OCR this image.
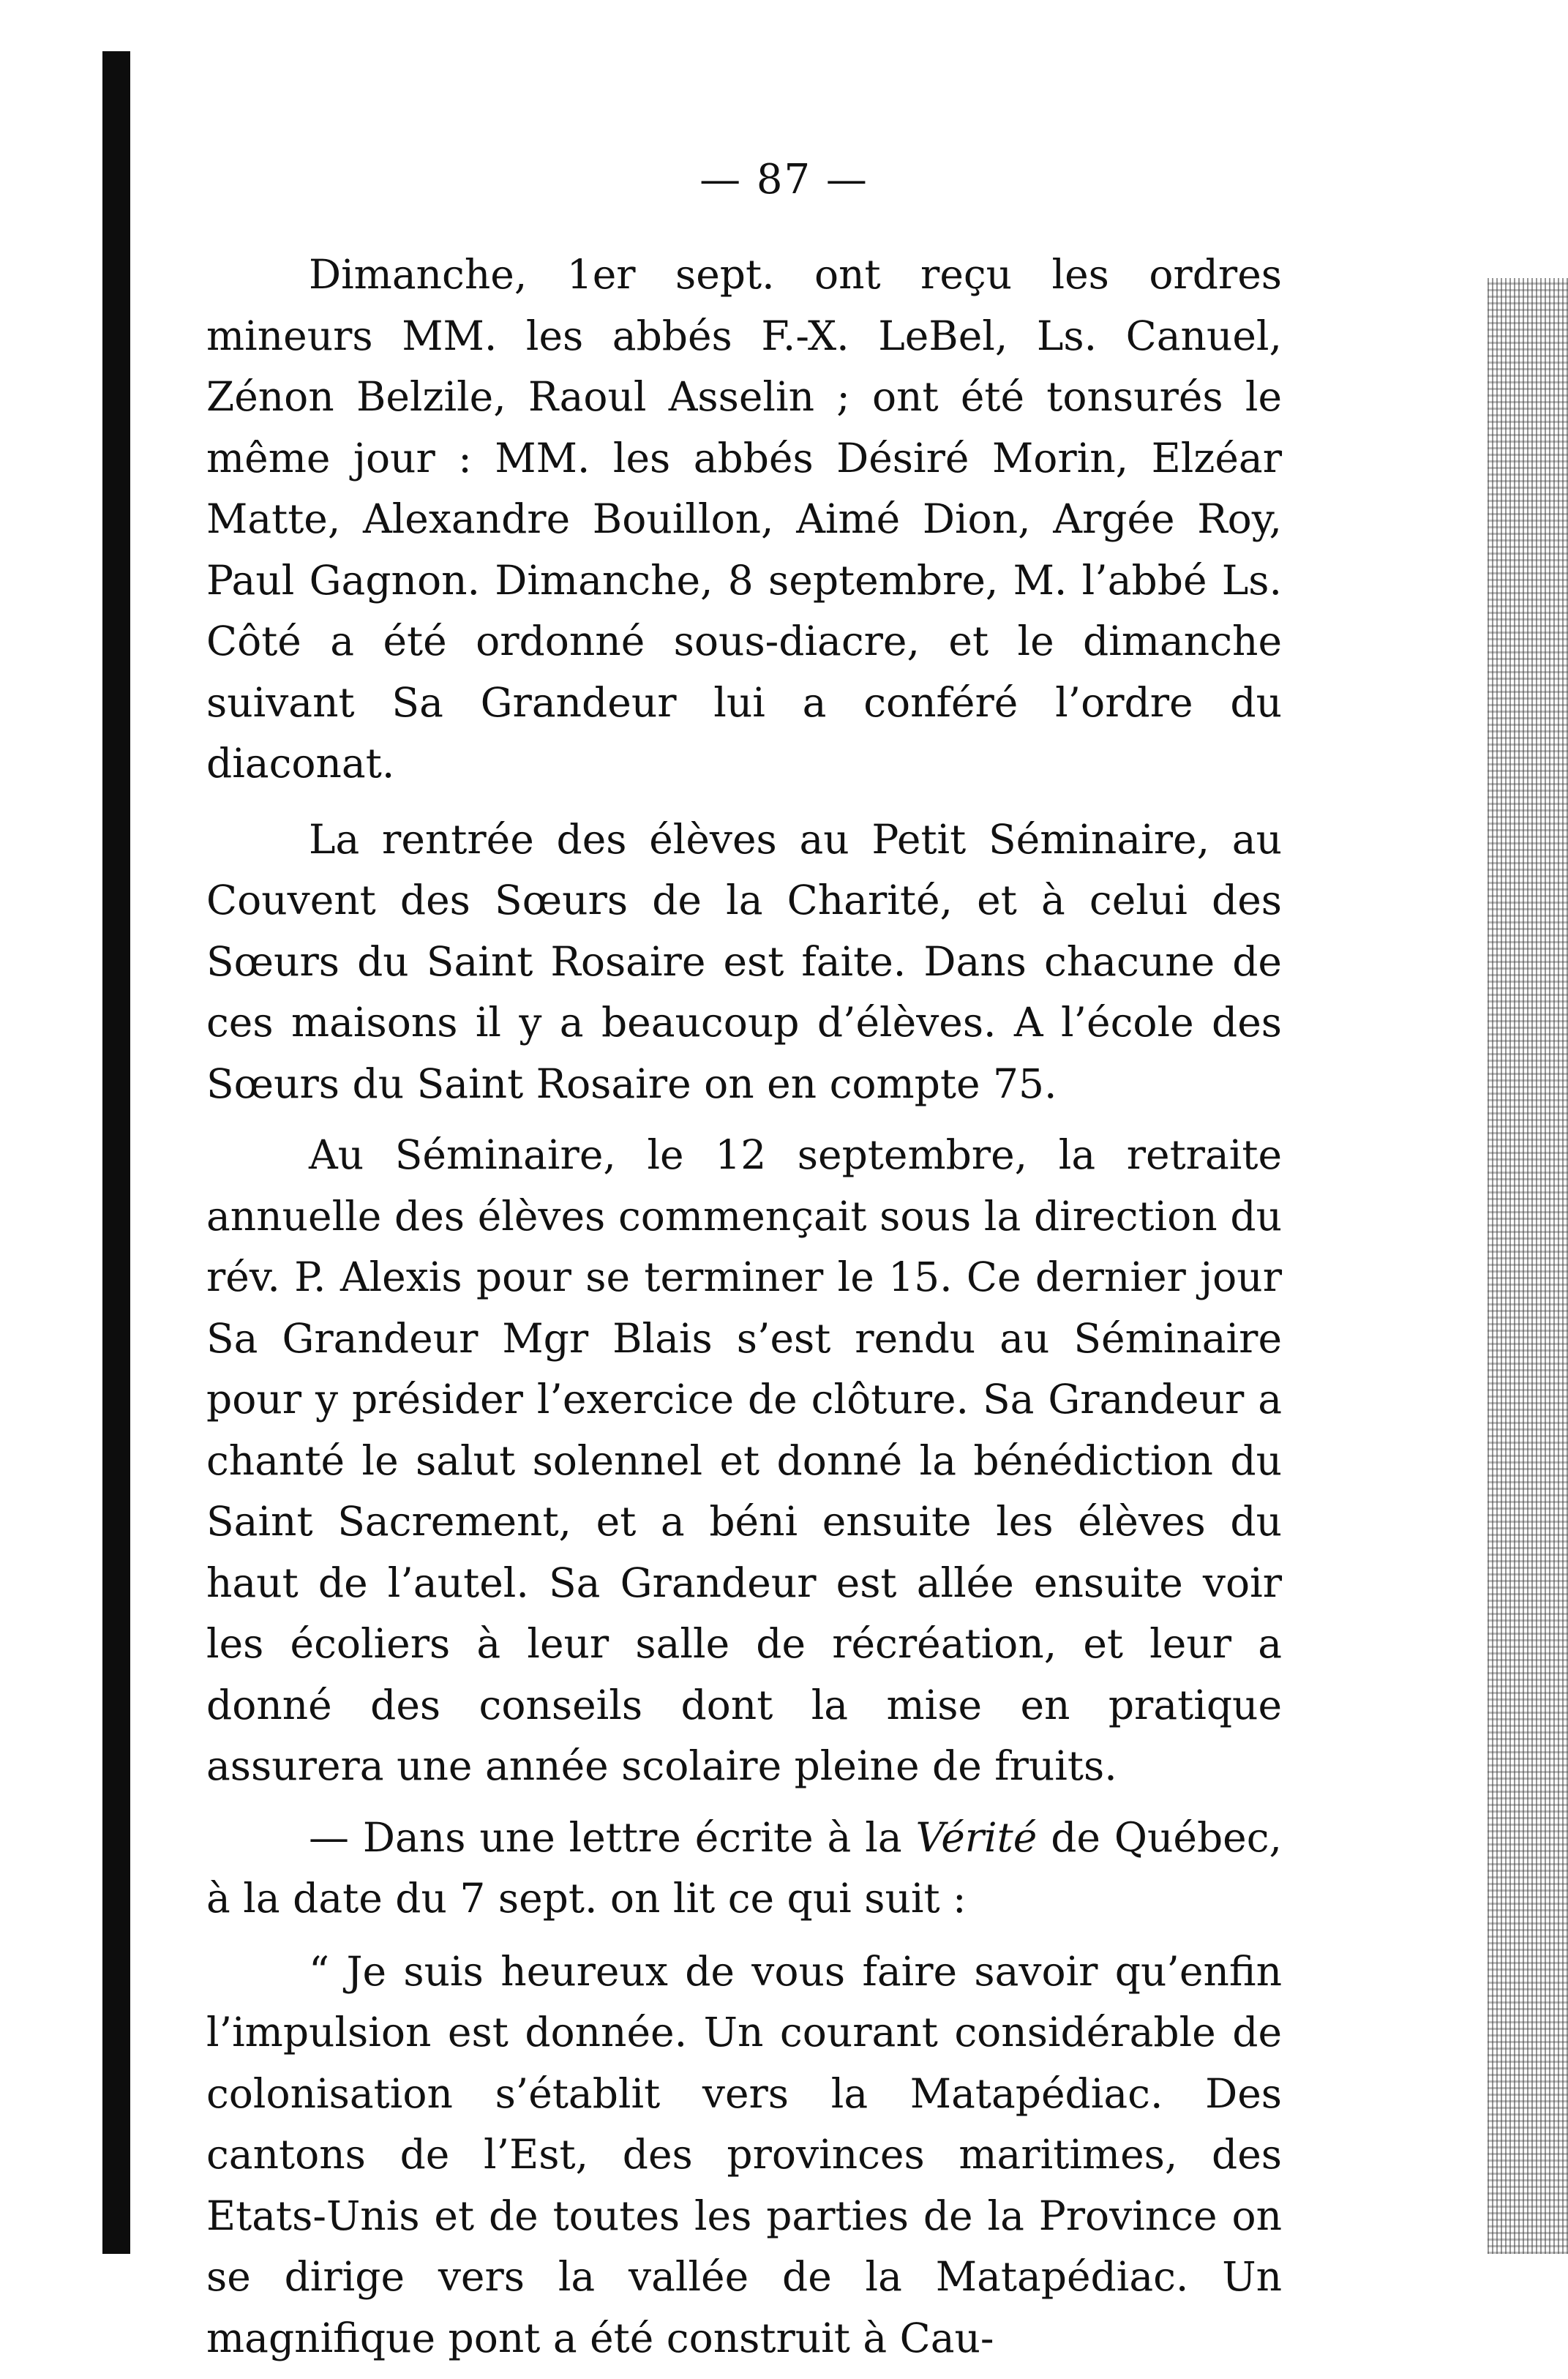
— 87 —

Dimanche, 1er sept. ont reçu les ordres mineurs MM. les abbés F.-X. LeBel, Ls. Canuel, Zénon Belzile, Raoul Asselin ; ont été tonsurés le même jour : MM. les abbés Désiré Morin, Elzéar Matte, Alexandre Bouillon, Aimé Dion, Argée Roy, Paul Gagnon. Dimanche, 8 septembre, M. l’abbé Ls. Côté a été ordonné sous-diacre, et le dimanche suivant Sa Grandeur lui a conféré l’ordre du diaconat.

La rentrée des élèves au Petit Séminaire, au Couvent des Sœurs de la Charité, et à celui des Sœurs du Saint Rosaire est faite. Dans chacune de ces maisons il y a beaucoup d’élèves. A l’école des Sœurs du Saint Rosaire on en compte 75.

Au Séminaire, le 12 septembre, la retraite annuelle des élèves commençait sous la direction du rév. P. Alexis pour se terminer le 15. Ce dernier jour Sa Grandeur Mgr Blais s’est rendu au Séminaire pour y présider l’exercice de clôture. Sa Grandeur a chanté le salut solennel et donné la bénédiction du Saint Sacrement, et a béni ensuite les élèves du haut de l’autel. Sa Grandeur est allée ensuite voir les écoliers à leur salle de récréation, et leur a donné des conseils dont la mise en pratique assurera une année scolaire pleine de fruits.

— Dans une lettre écrite à la Vérité de Québec, à la date du 7 sept. on lit ce qui suit :

“ Je suis heureux de vous faire savoir qu’enfin l’impulsion est donnée. Un courant considérable de colonisation s’établit vers la Matapédiac. Des cantons de l’Est, des provinces maritimes, des Etats-Unis et de toutes les parties de la Province on se dirige vers la vallée de la Matapédiac. Un magnifique pont a été construit à Cau-
